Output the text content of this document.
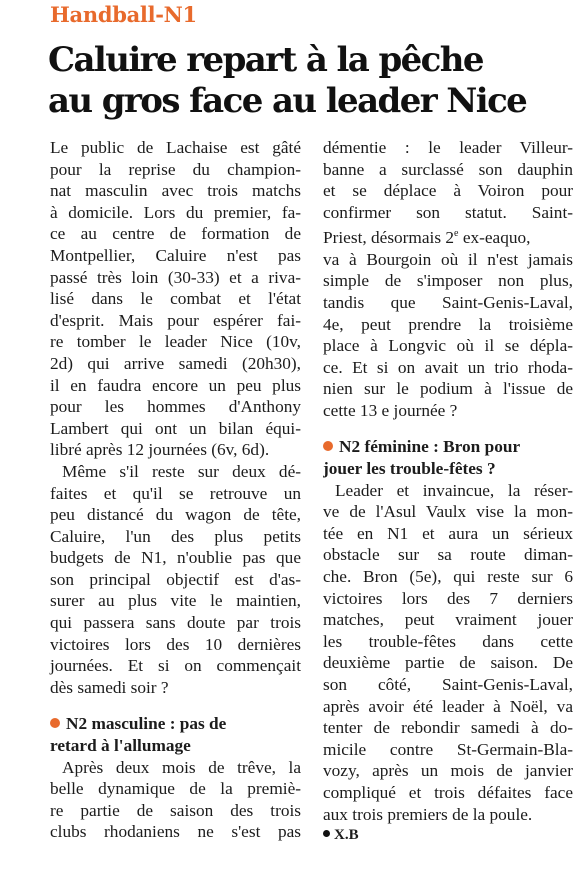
Handball-N1
Caluire repart à la pêche
au gros face au leader Nice
Le public de Lachaise est gâté
pour la reprise du champion-
nat masculin avec trois matchs
à domicile. Lors du premier, fa-
ce au centre de formation de
Montpellier, Caluire n'est pas
passé très loin (30-33) et a riva-
lisé dans le combat et l'état
d'esprit. Mais pour espérer fai-
re tomber le leader Nice (10v,
2d) qui arrive samedi (20h30),
il en faudra encore un peu plus
pour les hommes d'Anthony
Lambert qui ont un bilan équi-
libré après 12 journées (6v, 6d).
Même s'il reste sur deux dé-
faites et qu'il se retrouve un
peu distancé du wagon de tête,
Caluire, l'un des plus petits
budgets de N1, n'oublie pas que
son principal objectif est d'as-
surer au plus vite le maintien,
qui passera sans doute par trois
victoires lors des 10 dernières
journées. Et si on commençait
dès samedi soir ?
N2 masculine : pas de
retard à l'allumage
Après deux mois de trêve, la
belle dynamique de la premiè-
re partie de saison des trois
clubs rhodaniens ne s'est pas
démentie : le leader Villeur-
banne a surclassé son dauphin
et se déplace à Voiron pour
confirmer son statut. Saint-
Priest, désormais 2e ex-eaquo,
va à Bourgoin où il n'est jamais
simple de s'imposer non plus,
tandis que Saint-Genis-Laval,
4e, peut prendre la troisième
place à Longvic où il se dépla-
ce. Et si on avait un trio rhoda-
nien sur le podium à l'issue de
cette 13 e journée ?
N2 féminine : Bron pour
jouer les trouble-fêtes ?
Leader et invaincue, la réser-
ve de l'Asul Vaulx vise la mon-
tée en N1 et aura un sérieux
obstacle sur sa route diman-
che. Bron (5e), qui reste sur 6
victoires lors des 7 derniers
matches, peut vraiment jouer
les trouble-fêtes dans cette
deuxième partie de saison. De
son côté, Saint-Genis-Laval,
après avoir été leader à Noël, va
tenter de rebondir samedi à do-
micile contre St-Germain-Bla-
vozy, après un mois de janvier
compliqué et trois défaites face
aux trois premiers de la poule.
X.B
